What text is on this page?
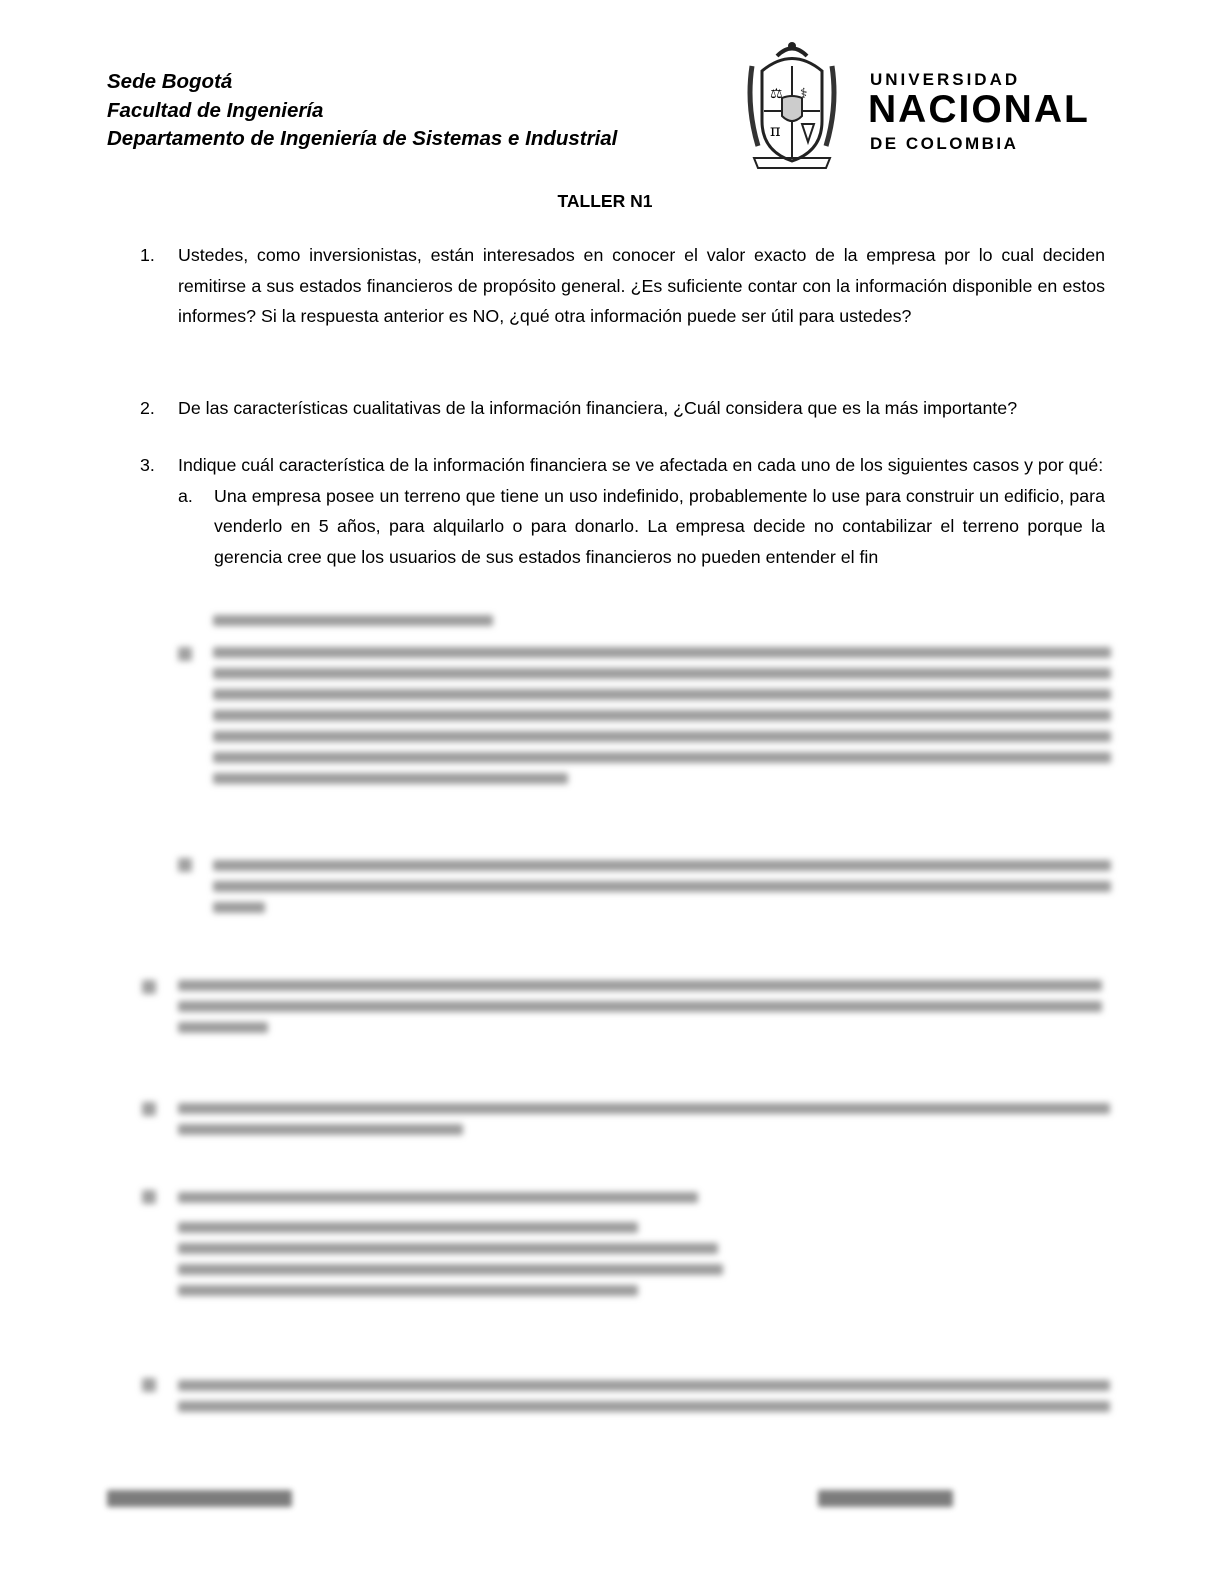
Sede Bogotá
Facultad de Ingeniería
Departamento de Ingeniería de Sistemas e Industrial
⚖ ⚕
π
UNIVERSIDAD
NACIONAL
DE COLOMBIA
TALLER N1
1. Ustedes, como inversionistas, están interesados en conocer el valor exacto de la empresa por lo cual deciden remitirse a sus estados financieros de propósito general. ¿Es suficiente contar con la información disponible en estos informes? Si la respuesta anterior es NO, ¿qué otra información puede ser útil para ustedes?
2. De las características cualitativas de la información financiera, ¿Cuál considera que es la más importante?
3. Indique cuál característica de la información financiera se ve afectada en cada uno de los siguientes casos y por qué:
a. Una empresa posee un terreno que tiene un uso indefinido, probablemente lo use para construir un edificio, para venderlo en 5 años, para alquilarlo o para donarlo. La empresa decide no contabilizar el terreno porque la gerencia cree que los usuarios de sus estados financieros no pueden entender el fin
